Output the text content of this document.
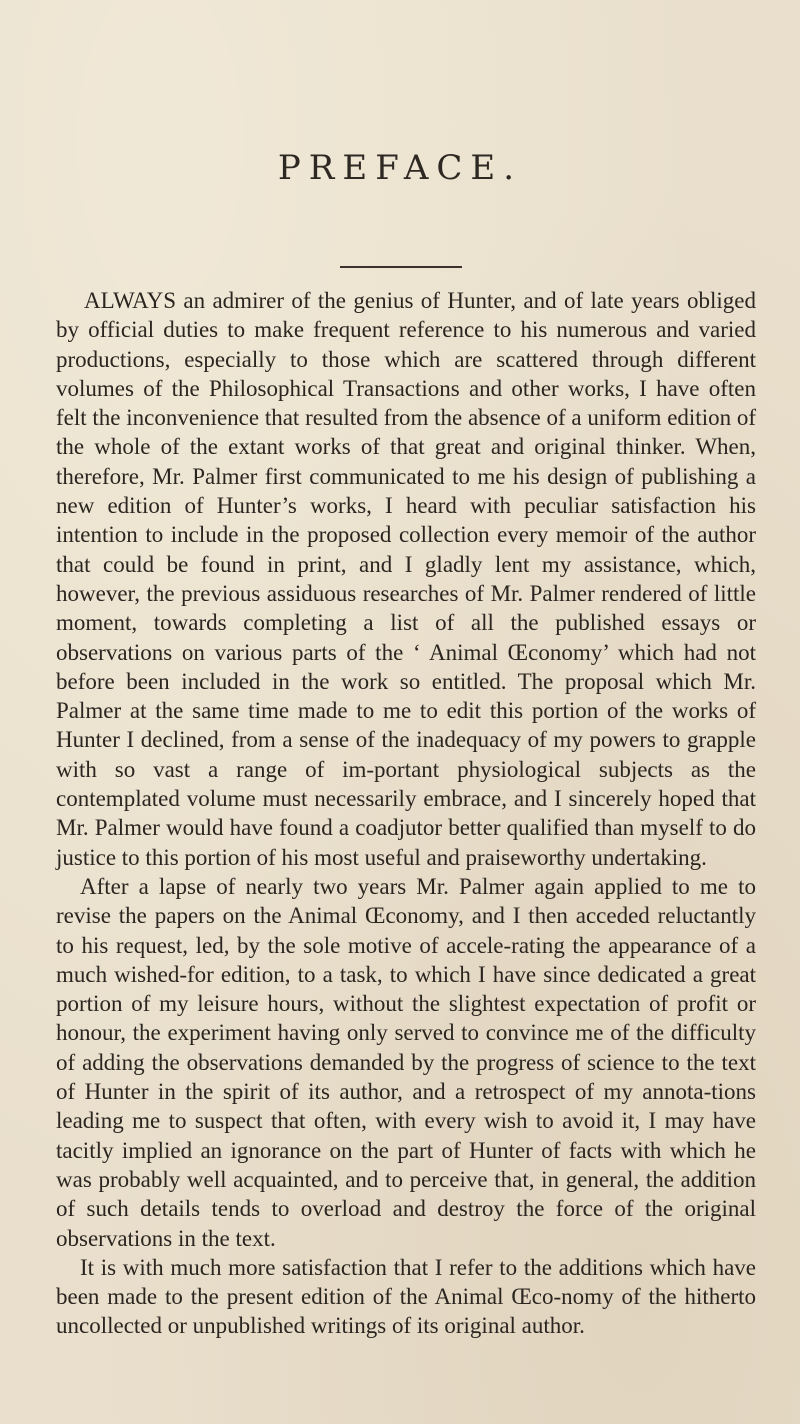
PREFACE.

ALWAYS an admirer of the genius of Hunter, and of late years obliged by official duties to make frequent reference to his numerous and varied productions, especially to those which are scattered through different volumes of the Philosophical Transactions and other works, I have often felt the inconvenience that resulted from the absence of a uniform edition of the whole of the extant works of that great and original thinker. When, therefore, Mr. Palmer first communicated to me his design of publishing a new edition of Hunter’s works, I heard with peculiar satisfaction his intention to include in the proposed collection every memoir of the author that could be found in print, and I gladly lent my assistance, which, however, the previous assiduous researches of Mr. Palmer rendered of little moment, towards completing a list of all the published essays or observations on various parts of the ‘ Animal Œconomy’ which had not before been included in the work so entitled. The proposal which Mr. Palmer at the same time made to me to edit this portion of the works of Hunter I declined, from a sense of the inadequacy of my powers to grapple with so vast a range of im-portant physiological subjects as the contemplated volume must necessarily embrace, and I sincerely hoped that Mr. Palmer would have found a coadjutor better qualified than myself to do justice to this portion of his most useful and praiseworthy undertaking.

After a lapse of nearly two years Mr. Palmer again applied to me to revise the papers on the Animal Œconomy, and I then acceded reluctantly to his request, led, by the sole motive of accele-rating the appearance of a much wished-for edition, to a task, to which I have since dedicated a great portion of my leisure hours, without the slightest expectation of profit or honour, the experiment having only served to convince me of the difficulty of adding the observations demanded by the progress of science to the text of Hunter in the spirit of its author, and a retrospect of my annota-tions leading me to suspect that often, with every wish to avoid it, I may have tacitly implied an ignorance on the part of Hunter of facts with which he was probably well acquainted, and to perceive that, in general, the addition of such details tends to overload and destroy the force of the original observations in the text.

It is with much more satisfaction that I refer to the additions which have been made to the present edition of the Animal Œco-nomy of the hitherto uncollected or unpublished writings of its original author.
